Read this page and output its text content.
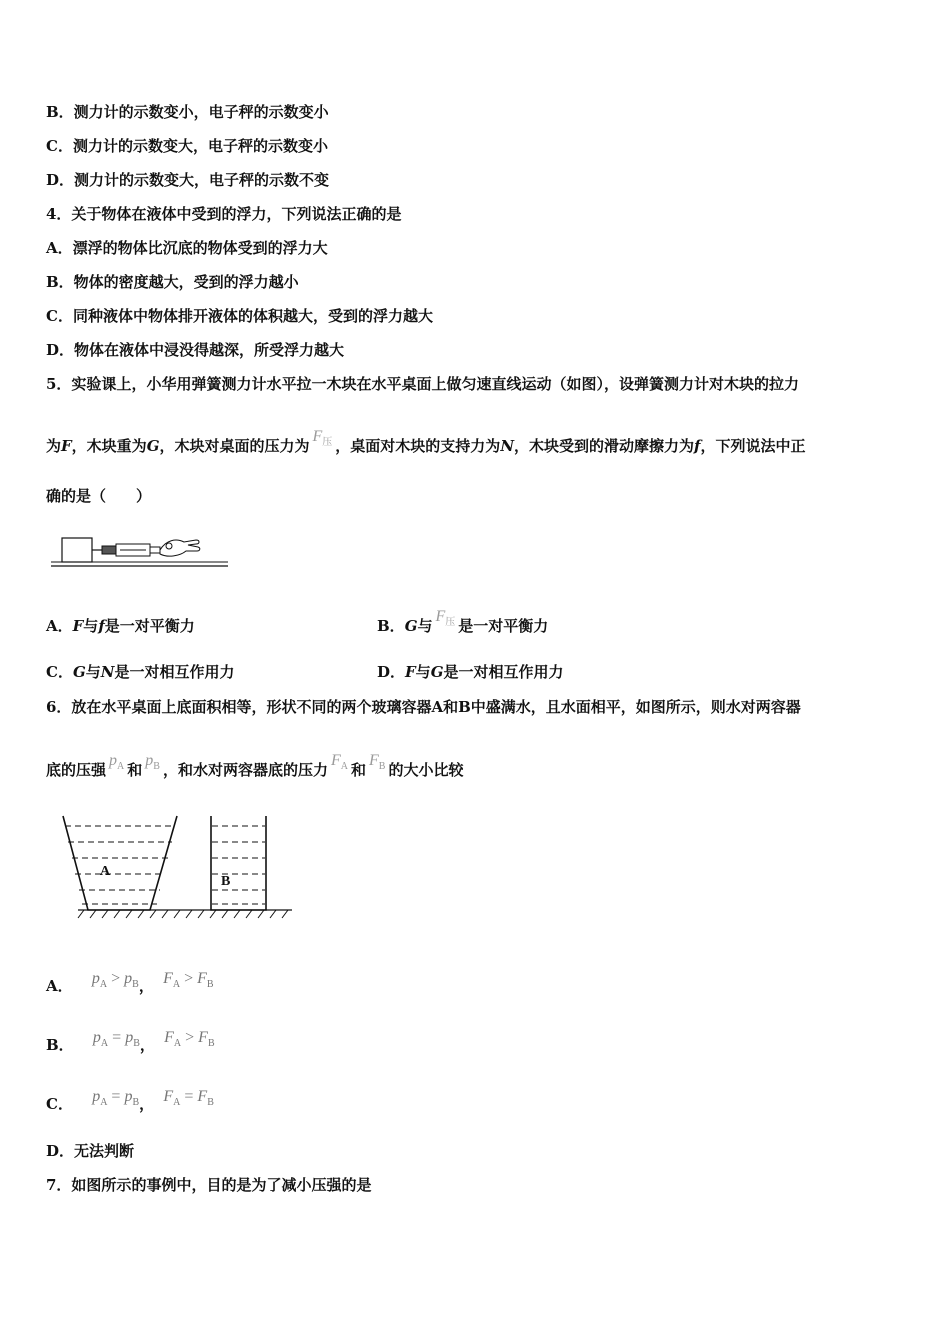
B．测力计的示数变小，电子秤的示数变小
C．测力计的示数变大，电子秤的示数变小
D．测力计的示数变大，电子秤的示数不变
4．关于物体在液体中受到的浮力，下列说法正确的是
A．漂浮的物体比沉底的物体受到的浮力大
B．物体的密度越大，受到的浮力越小
C．同种液体中物体排开液体的体积越大，受到的浮力越大
D．物体在液体中浸没得越深，所受浮力越大
5．实验课上，小华用弹簧测力计水平拉一木块在水平桌面上做匀速直线运动（如图），设弹簧测力计对木块的拉力
为F，木块重为G，木块对桌面的压力为$F_压$ ，桌面对木块的支持力为N，木块受到的滑动摩擦力为f，下列说法中正
确的是（　　）
A．F与f是一对平衡力	B．G与$F_压$ 是一对平衡力
C．G与N是一对相互作用力	D．F与G是一对相互作用力
6．放在水平桌面上底面积相等，形状不同的两个玻璃容器A和B中盛满水，且水面相平，如图所示，则水对两容器
底的压强$p_A$ 和$p_B$ ，和水对两容器底的压力$F_A$ 和$F_B$ 的大小比较
A
B
A． $p_A > p_B$， $F_A > F_B$
B． $p_A = p_B$， $F_A > F_B$
C． $p_A = p_B$， $F_A = F_B$
D．无法判断
7．如图所示的事例中，目的是为了减小压强的是
